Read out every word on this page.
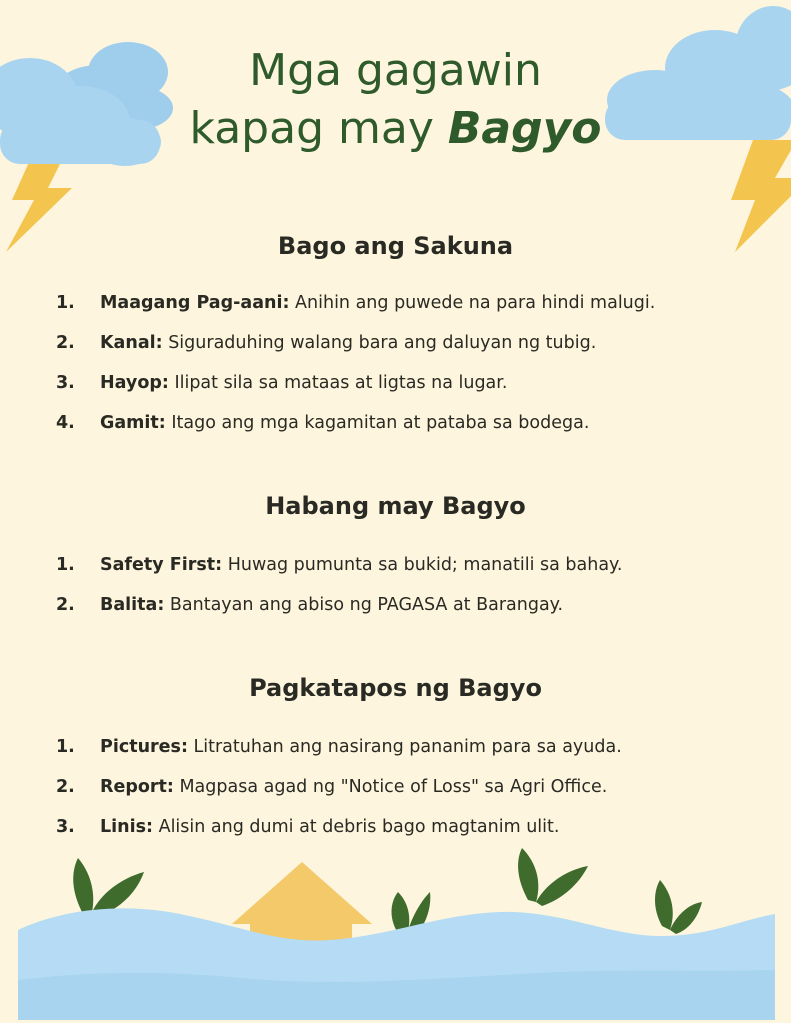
Mga gagawin
kapag may Bagyo
Bago ang Sakuna
1. Maagang Pag-aani: Anihin ang puwede na para hindi malugi.
2. Kanal: Siguraduhing walang bara ang daluyan ng tubig.
3. Hayop: Ilipat sila sa mataas at ligtas na lugar.
4. Gamit: Itago ang mga kagamitan at pataba sa bodega.
Habang may Bagyo
1. Safety First: Huwag pumunta sa bukid; manatili sa bahay.
2. Balita: Bantayan ang abiso ng PAGASA at Barangay.
Pagkatapos ng Bagyo
1. Pictures: Litratuhan ang nasirang pananim para sa ayuda.
2. Report: Magpasa agad ng "Notice of Loss" sa Agri Office.
3. Linis: Alisin ang dumi at debris bago magtanim ulit.
